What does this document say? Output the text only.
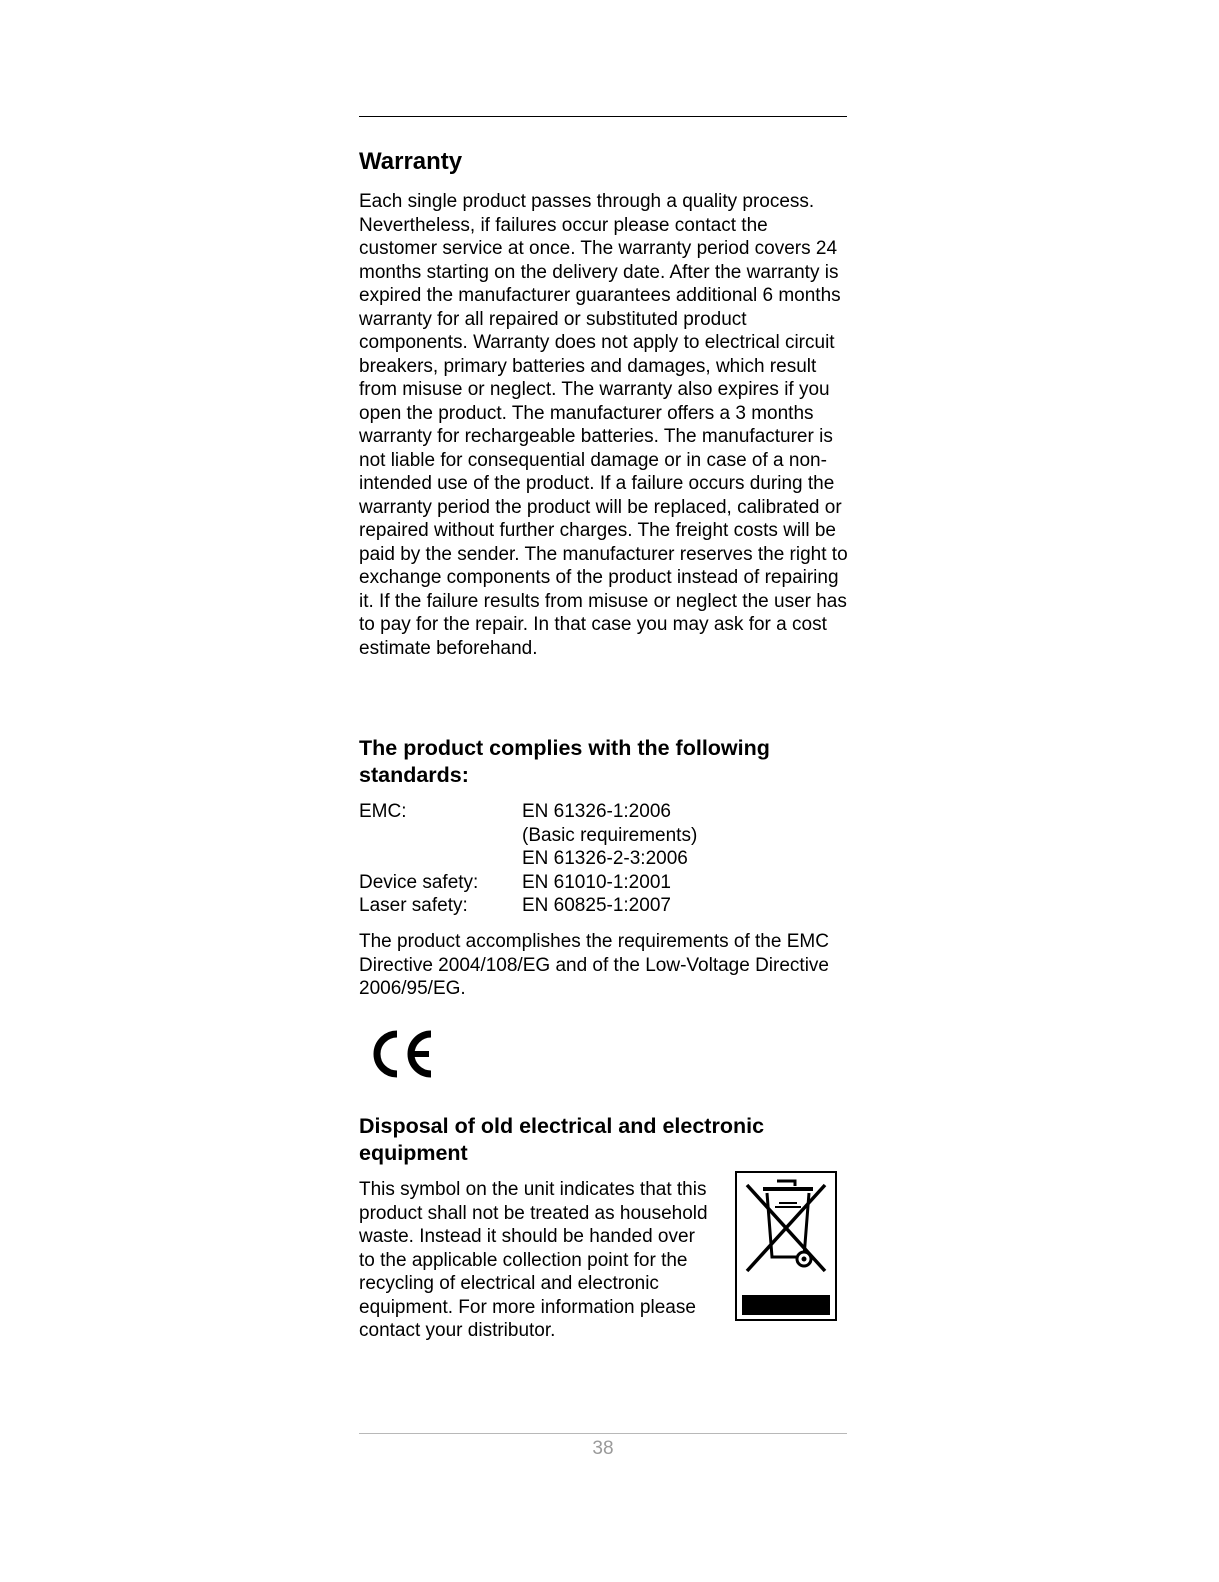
Warranty

Each single product passes through a quality process. Nevertheless, if failures occur please contact the customer service at once. The warranty period covers 24 months starting on the delivery date. After the warranty is expired the manufacturer guarantees additional 6 months warranty for all repaired or substituted product components. Warranty does not apply to electrical circuit breakers, primary batteries and damages, which result from misuse or neglect. The warranty also expires if you open the product. The manufacturer offers a 3 months warranty for rechargeable batteries. The manufacturer is not liable for consequential damage or in case of a non-intended use of the product. If a failure occurs during the warranty period the product will be replaced, calibrated or repaired without further charges. The freight costs will be paid by the sender. The manufacturer reserves the right to exchange components of the product instead of repairing it. If the failure results from misuse or neglect the user has to pay for the repair. In that case you may ask for a cost estimate beforehand.

The product complies with the following standards:
EMC:	EN 61326-1:2006
(Basic requirements)
EN 61326-2-3:2006
Device safety:	EN 61010-1:2001
Laser safety:	EN 60825-1:2007

The product accomplishes the requirements of the EMC Directive 2004/108/EG and of the Low-Voltage Directive 2006/95/EG.

Disposal of old electrical and electronic equipment

This symbol on the unit indicates that this product shall not be treated as household waste. Instead it should be handed over to the applicable collection point for the recycling of electrical and electronic equipment. For more information please contact your distributor.

38
